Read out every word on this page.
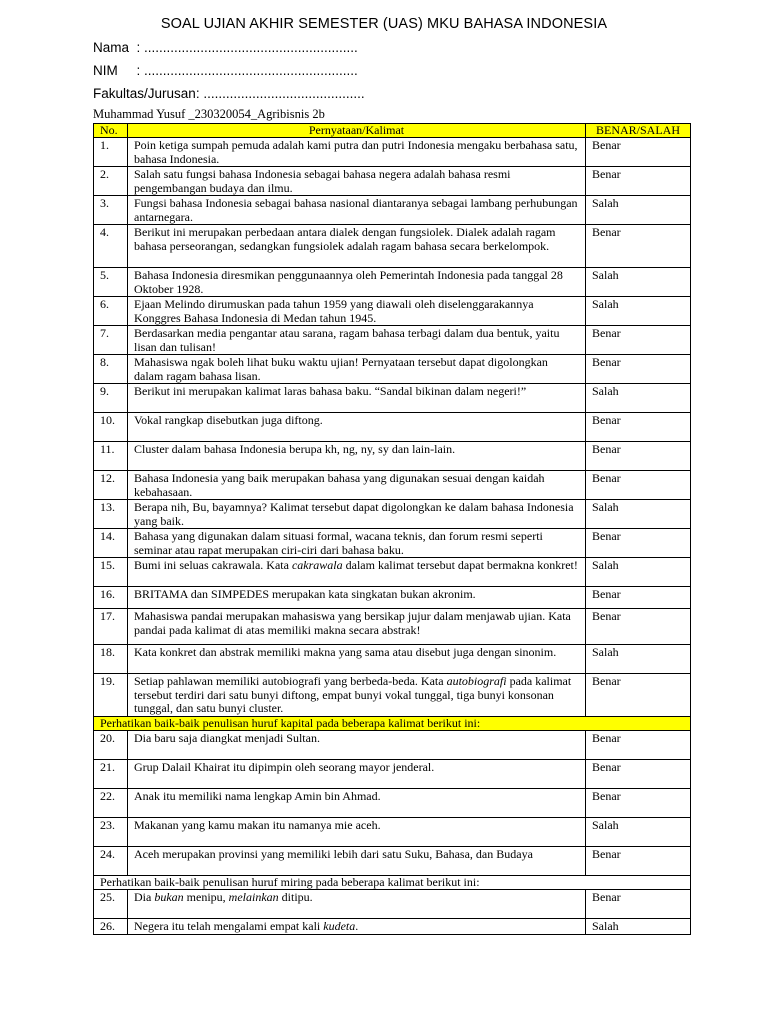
SOAL UJIAN AKHIR SEMESTER (UAS) MKU BAHASA INDONESIA
Nama  : .........................................................
NIM     : .........................................................
Fakultas/Jurusan: ...........................................
Muhammad Yusuf _230320054_Agribisnis 2b
No.	Pernyataan/Kalimat	BENAR/SALAH
1.	Poin ketiga sumpah pemuda adalah kami putra dan putri Indonesia mengaku berbahasa satu, bahasa Indonesia.	Benar
2.	Salah satu fungsi bahasa Indonesia sebagai bahasa negera adalah bahasa resmi pengembangan budaya dan ilmu.	Benar
3.	Fungsi bahasa Indonesia sebagai bahasa nasional diantaranya sebagai lambang perhubungan antarnegara.	Salah
4.	Berikut ini merupakan perbedaan antara dialek dengan fungsiolek. Dialek adalah ragam bahasa perseorangan, sedangkan fungsiolek adalah ragam bahasa secara berkelompok.	Benar
5.	Bahasa Indonesia diresmikan penggunaannya oleh Pemerintah Indonesia pada tanggal 28 Oktober 1928.	Salah
6.	Ejaan Melindo dirumuskan pada tahun 1959 yang diawali oleh diselenggarakannya Konggres Bahasa Indonesia di Medan tahun 1945.	Salah
7.	Berdasarkan media pengantar atau sarana, ragam bahasa terbagi dalam dua bentuk, yaitu lisan dan tulisan!	Benar
8.	Mahasiswa ngak boleh lihat buku waktu ujian! Pernyataan tersebut dapat digolongkan dalam ragam bahasa lisan.	Benar
9.	Berikut ini merupakan kalimat laras bahasa baku. “Sandal bikinan dalam negeri!”	Salah
10.	Vokal rangkap disebutkan juga diftong.	Benar
11.	Cluster dalam bahasa Indonesia berupa kh, ng, ny, sy dan lain-lain.	Benar
12.	Bahasa Indonesia yang baik merupakan bahasa yang digunakan sesuai dengan kaidah kebahasaan.	Benar
13.	Berapa nih, Bu, bayamnya? Kalimat tersebut dapat digolongkan ke dalam bahasa Indonesia yang baik.	Salah
14.	Bahasa yang digunakan dalam situasi formal, wacana teknis, dan forum resmi seperti seminar atau rapat merupakan ciri-ciri dari bahasa baku.	Benar
15.	Bumi ini seluas cakrawala. Kata cakrawala dalam kalimat tersebut dapat bermakna konkret!	Salah
16.	BRITAMA dan SIMPEDES merupakan kata singkatan bukan akronim.	Benar
17.	Mahasiswa pandai merupakan mahasiswa yang bersikap jujur dalam menjawab ujian. Kata pandai pada kalimat di atas memiliki makna secara abstrak!	Benar
18.	Kata konkret dan abstrak memiliki makna yang sama atau disebut juga dengan sinonim.	Salah
19.	Setiap pahlawan memiliki autobiografi yang berbeda-beda. Kata autobiografi pada kalimat tersebut terdiri dari satu bunyi diftong, empat bunyi vokal tunggal, tiga bunyi konsonan tunggal, dan satu bunyi cluster.	Benar
Perhatikan baik-baik penulisan huruf kapital pada beberapa kalimat berikut ini:		
20.	Dia baru saja diangkat menjadi Sultan.	Benar
21.	Grup Dalail Khairat itu dipimpin oleh seorang mayor jenderal.	Benar
22.	Anak itu memiliki nama lengkap Amin bin Ahmad.	Benar
23.	Makanan yang kamu makan itu namanya mie aceh.	Salah
24.	Aceh merupakan provinsi yang memiliki lebih dari satu Suku, Bahasa, dan Budaya	Benar
Perhatikan baik-baik penulisan huruf miring pada beberapa kalimat berikut ini:		
25.	Dia bukan menipu, melainkan ditipu.	Benar
26.	Negera itu telah mengalami empat kali kudeta.	Salah
